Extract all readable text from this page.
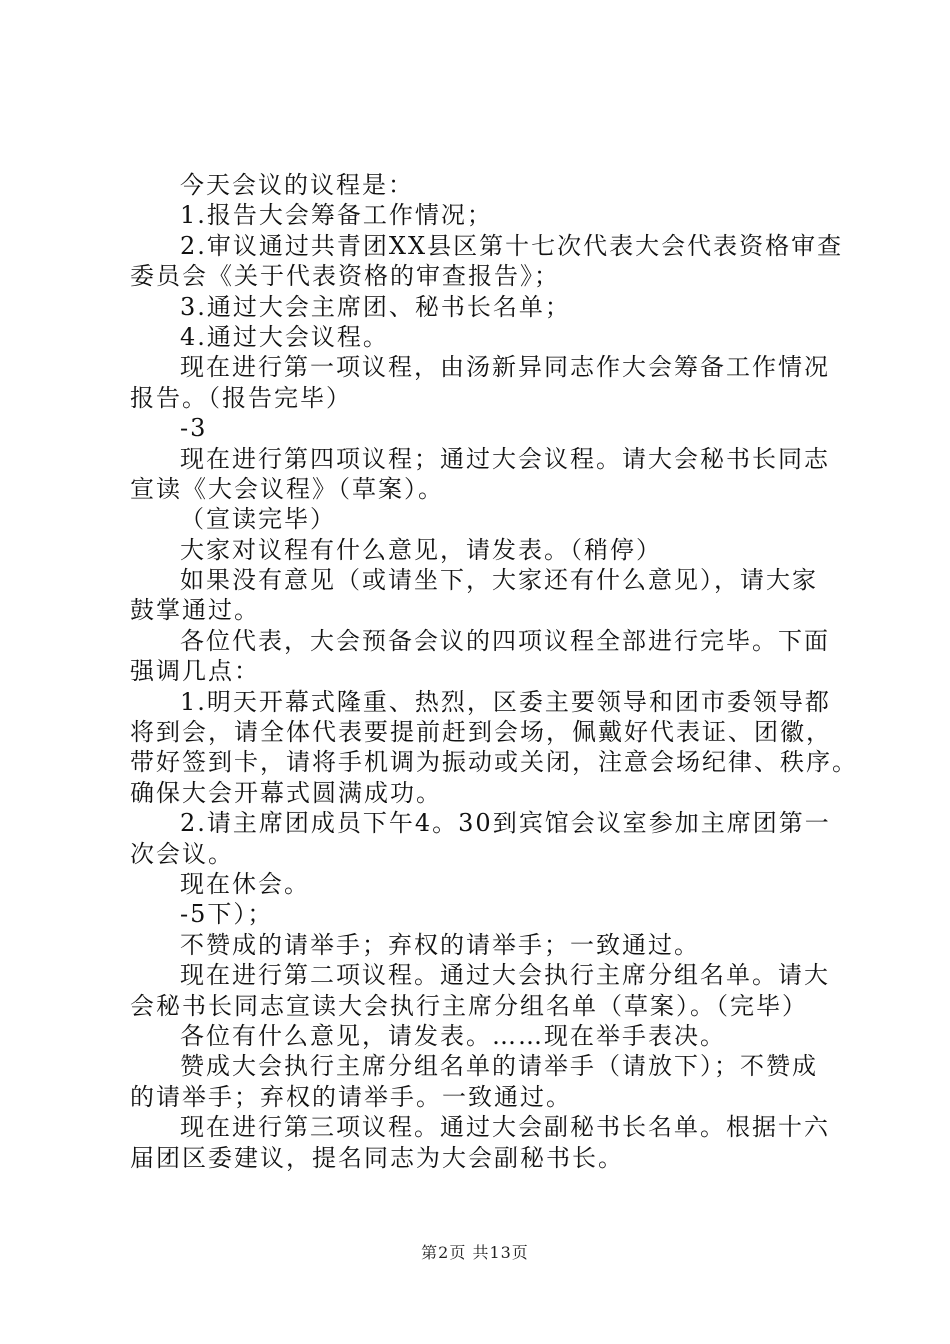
今天会议的议程是：
1.报告大会筹备工作情况；
2.审议通过共青团XX县区第十七次代表大会代表资格审查
委员会《关于代表资格的审查报告》；
3.通过大会主席团、秘书长名单；
4.通过大会议程。
现在进行第一项议程，由汤新异同志作大会筹备工作情况
报告。（报告完毕）
-3
现在进行第四项议程；通过大会议程。请大会秘书长同志
宣读《大会议程》（草案）。
（宣读完毕）
大家对议程有什么意见，请发表。（稍停）
如果没有意见（或请坐下，大家还有什么意见），请大家
鼓掌通过。
各位代表，大会预备会议的四项议程全部进行完毕。下面
强调几点：
1.明天开幕式隆重、热烈，区委主要领导和团市委领导都
将到会，请全体代表要提前赶到会场，佩戴好代表证、团徽，
带好签到卡，请将手机调为振动或关闭，注意会场纪律、秩序。
确保大会开幕式圆满成功。
2.请主席团成员下午4。30到宾馆会议室参加主席团第一
次会议。
现在休会。
-5下）；
不赞成的请举手；弃权的请举手；一致通过。
现在进行第二项议程。通过大会执行主席分组名单。请大
会秘书长同志宣读大会执行主席分组名单（草案）。（完毕）
各位有什么意见，请发表。……现在举手表决。
赞成大会执行主席分组名单的请举手（请放下）；不赞成
的请举手；弃权的请举手。一致通过。
现在进行第三项议程。通过大会副秘书长名单。根据十六
届团区委建议，提名同志为大会副秘书长。
第2页 共13页
